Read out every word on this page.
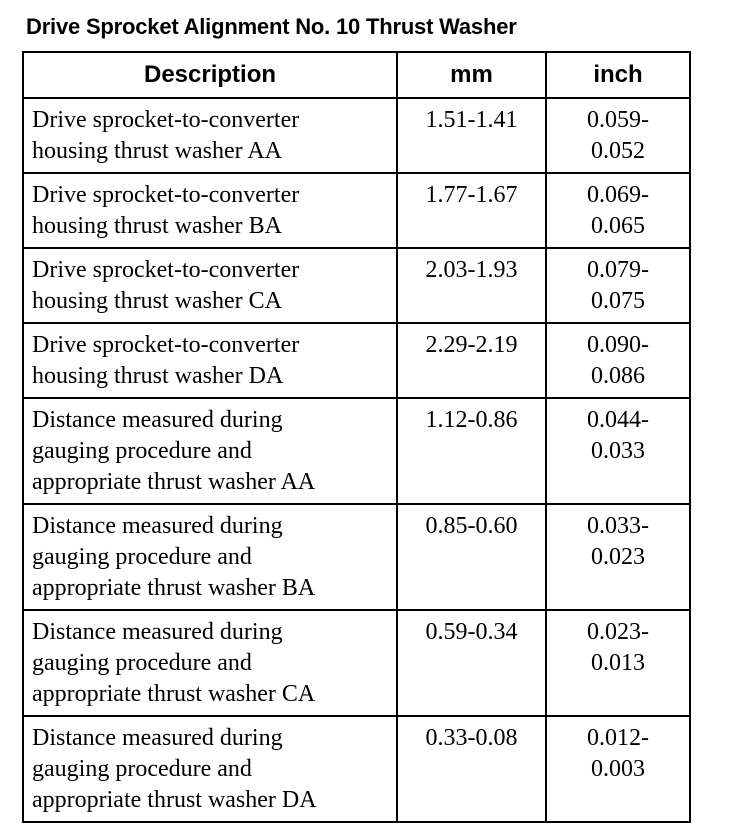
Drive Sprocket Alignment No. 10 Thrust Washer
Description	mm	inch

Drive sprocket-to-converter
housing thrust washer AA	1.51-1.41	0.059-
0.052

Drive sprocket-to-converter
housing thrust washer BA	1.77-1.67	0.069-
0.065

Drive sprocket-to-converter
housing thrust washer CA	2.03-1.93	0.079-
0.075

Drive sprocket-to-converter
housing thrust washer DA	2.29-2.19	0.090-
0.086

Distance measured during
gauging procedure and
appropriate thrust washer AA	1.12-0.86	0.044-
0.033

Distance measured during
gauging procedure and
appropriate thrust washer BA	0.85-0.60	0.033-
0.023

Distance measured during
gauging procedure and
appropriate thrust washer CA	0.59-0.34	0.023-
0.013

Distance measured during
gauging procedure and
appropriate thrust washer DA	0.33-0.08	0.012-
0.003
